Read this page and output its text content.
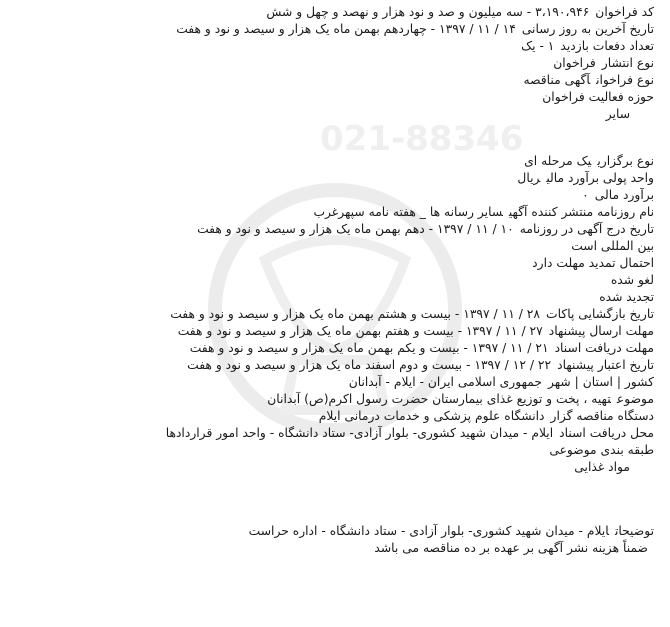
021-88346
کد فراخوان۳،۱۹۰،۹۴۶ - سه میلیون و صد و نود هزار و نهصد و چهل و شش
تاریخ آخرین به روز رسانی۱۴ / ۱۱ / ۱۳۹۷ - چهاردهم بهمن ماه یک هزار و سیصد و نود و هفت
تعداد دفعات بازدید۱ - یک
نوع انتشارفراخوان
نوع فراخوانآگهی مناقصه
حوزه فعالیت فراخوان
سایر
نوع برگزارییک مرحله ای
واحد پولی برآورد مالیریال
برآورد مالی۰
نام روزنامه منتشر کننده آگهیسایر رسانه ها _ هفته نامه سپهرغرب
تاریخ درج آگهی در روزنامه۱۰ / ۱۱ / ۱۳۹۷ - دهم بهمن ماه یک هزار و سیصد و نود و هفت
بین المللی است
احتمال تمدید مهلت دارد
لغو شده
تجدید شده
تاریخ بازگشایی پاکات۲۸ / ۱۱ / ۱۳۹۷ - بیست و هشتم بهمن ماه یک هزار و سیصد و نود و هفت
مهلت ارسال پیشنهاد۲۷ / ۱۱ / ۱۳۹۷ - بیست و هفتم بهمن ماه یک هزار و سیصد و نود و هفت
مهلت دریافت اسناد۲۱ / ۱۱ / ۱۳۹۷ - بیست و یکم بهمن ماه یک هزار و سیصد و نود و هفت
تاریخ اعتبار پیشنهاد۲۲ / ۱۲ / ۱۳۹۷ - بیست و دوم اسفند ماه یک هزار و سیصد و نود و هفت
کشور | استان | شهرجمهوری اسلامی ایران - ایلام - آبدانان
موضوعتهیه ، پخت و توزیع غذای بیمارستان حضرت رسول اکرم(ص) آبدانان
دستگاه مناقصه گزاردانشگاه علوم پزشکی و خدمات درمانی ایلام
محل دریافت اسنادایلام - میدان شهید کشوری- بلوار آزادی- ستاد دانشگاه - واحد امور قراردادها
طبقه بندی موضوعی
مواد غذایی
توضیحاتایلام - میدان شهید کشوری- بلوار آزادی - ستاد دانشگاه - اداره حراست
ضمناً هزینه نشر آگهی بر عهده بر ده مناقصه می باشد
